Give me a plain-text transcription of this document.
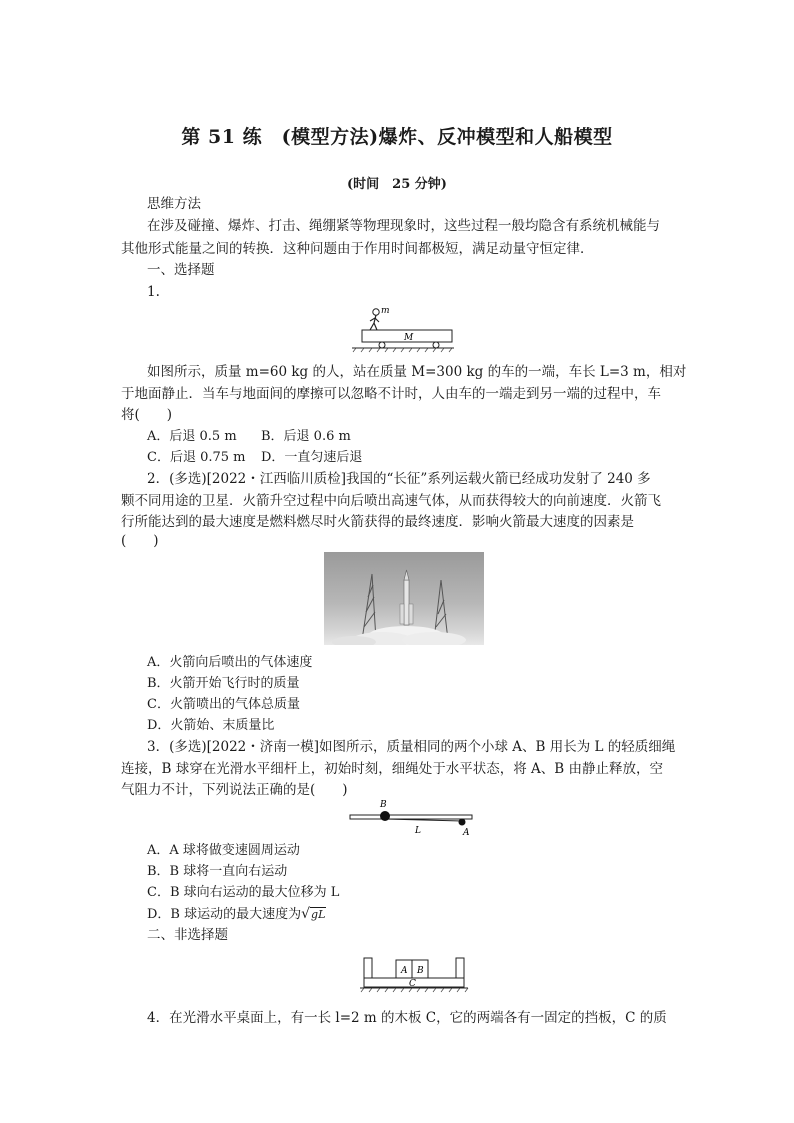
第 51 练　(模型方法)爆炸、反冲模型和人船模型
(时间　25 分钟)
思维方法
在涉及碰撞、爆炸、打击、绳绷紧等物理现象时，这些过程一般均隐含有系统机械能与
其他形式能量之间的转换．这种问题由于作用时间都极短，满足动量守恒定律．
一、选择题
1.
m
M
如图所示，质量 m=60 kg 的人，站在质量 M=300 kg 的车的一端，车长 L=3 m，相对
于地面静止．当车与地面间的摩擦可以忽略不计时，人由车的一端走到另一端的过程中，车
将(　　)
A．后退 0.5 m B．后退 0.6 m
C．后退 0.75 m D．一直匀速后退
2．(多选)[2022・江西临川质检]我国的“长征”系列运载火箭已经成功发射了 240 多
颗不同用途的卫星．火箭升空过程中向后喷出高速气体，从而获得较大的向前速度．火箭飞
行所能达到的最大速度是燃料燃尽时火箭获得的最终速度．影响火箭最大速度的因素是
(　　)
A．火箭向后喷出的气体速度
B．火箭开始飞行时的质量
C．火箭喷出的气体总质量
D．火箭始、末质量比
3．(多选)[2022・济南一模]如图所示，质量相同的两个小球 A、B 用长为 L 的轻质细绳
连接，B 球穿在光滑水平细杆上，初始时刻，细绳处于水平状态，将 A、B 由静止释放，空
气阻力不计，下列说法正确的是(　　)
B
L	A
A．A 球将做变速圆周运动
B．B 球将一直向右运动
C．B 球向右运动的最大位移为 L
D．B 球运动的最大速度为√gL
二、非选择题
A B
C
4．在光滑水平桌面上，有一长 l=2 m 的木板 C，它的两端各有一固定的挡板，C 的质
